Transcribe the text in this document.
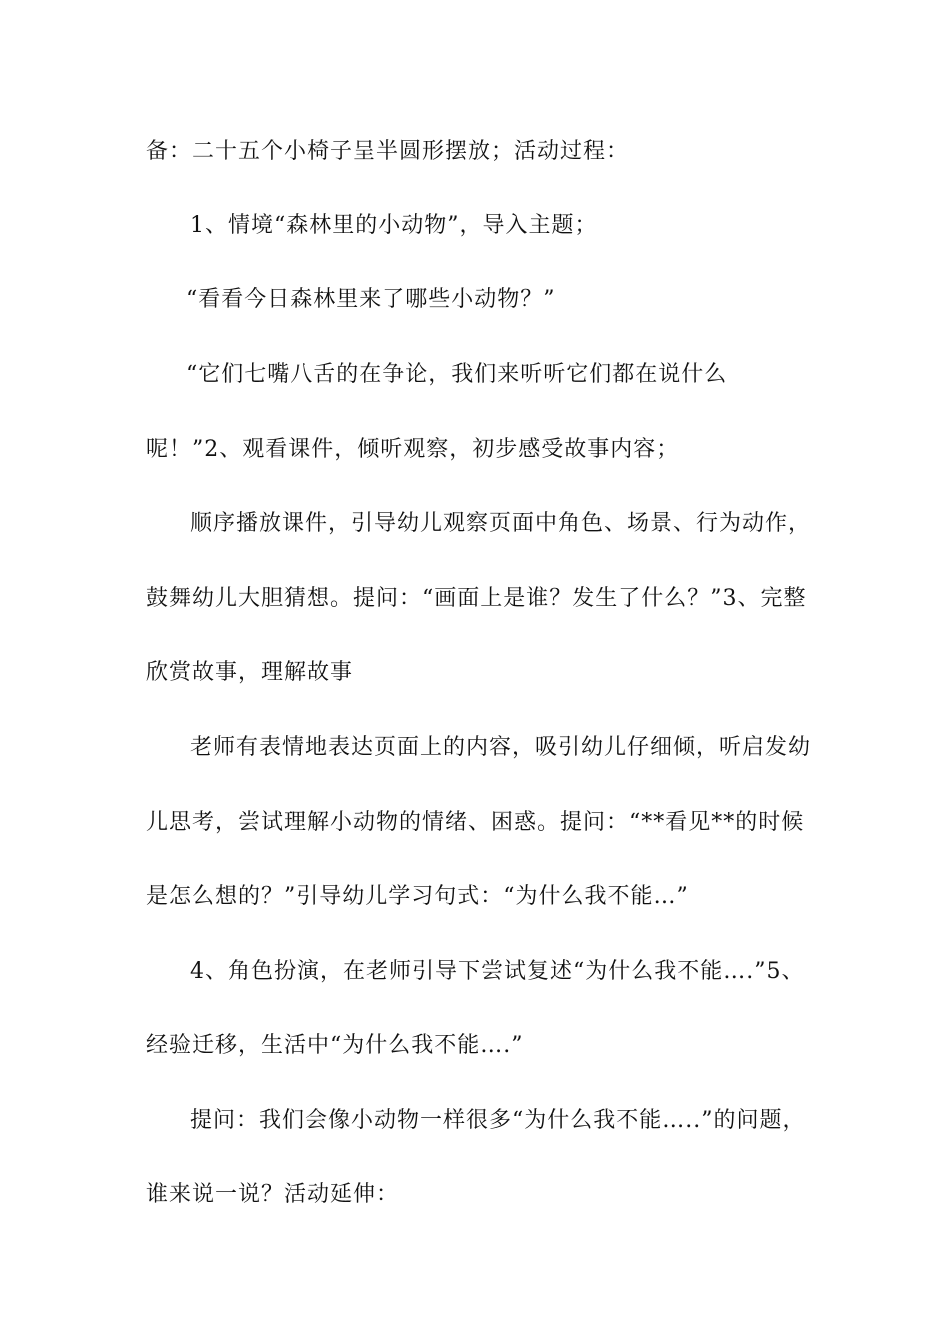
备：二十五个小椅子呈半圆形摆放；活动过程：
1、情境“森林里的小动物”，导入主题；
“看看今日森林里来了哪些小动物？”
“它们七嘴八舌的在争论，我们来听听它们都在说什么
呢！”2、观看课件，倾听观察，初步感受故事内容；
顺序播放课件，引导幼儿观察页面中角色、场景、行为动作，
鼓舞幼儿大胆猜想。提问：“画面上是谁？发生了什么？”3、完整
欣赏故事，理解故事
老师有表情地表达页面上的内容，吸引幼儿仔细倾，听启发幼
儿思考，尝试理解小动物的情绪、困惑。提问：“**看见**的时候
是怎么想的？”引导幼儿学习句式：“为什么我不能…”
4、角色扮演，在老师引导下尝试复述“为什么我不能….”5、
经验迁移，生活中“为什么我不能….”
提问：我们会像小动物一样很多“为什么我不能…..”的问题，
谁来说一说？活动延伸：
